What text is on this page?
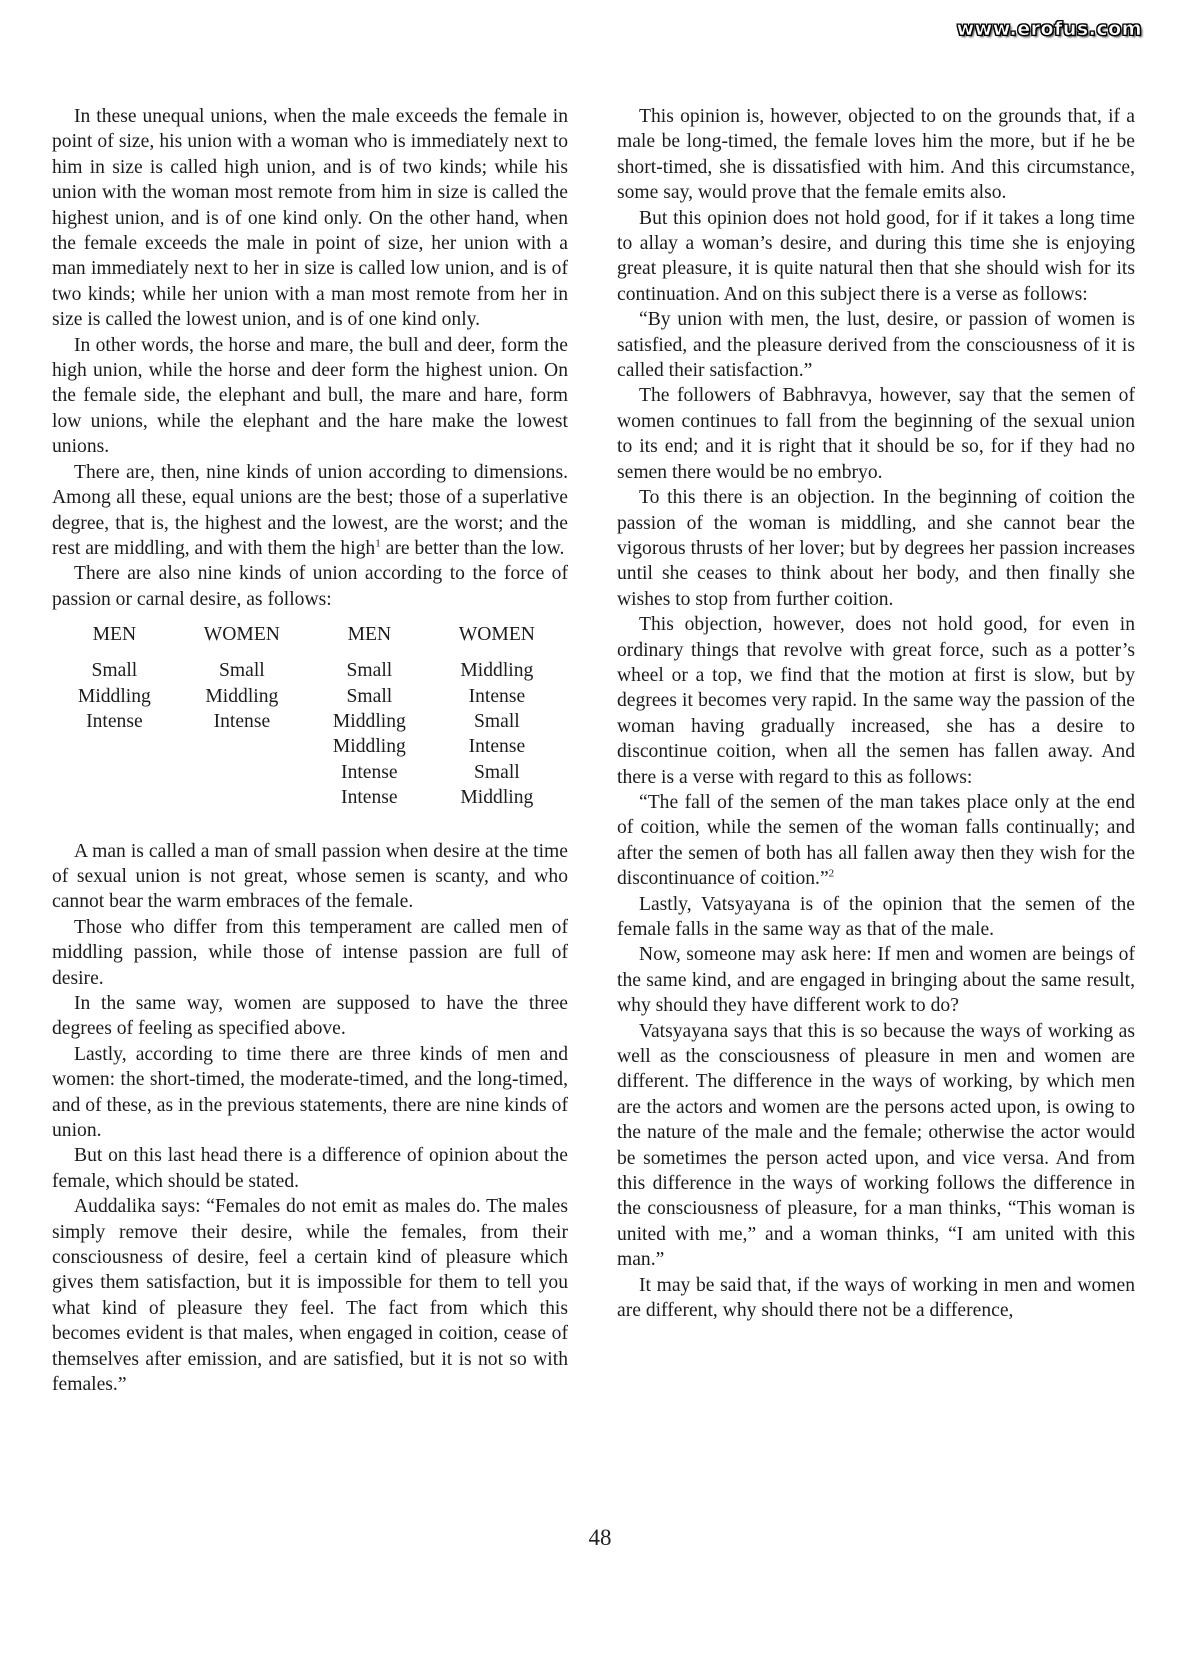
www.erofus.com

In these unequal unions, when the male exceeds the female in point of size, his union with a woman who is immediately next to him in size is called high union, and is of two kinds; while his union with the woman most remote from him in size is called the highest union, and is of one kind only. On the other hand, when the female exceeds the male in point of size, her union with a man immediately next to her in size is called low union, and is of two kinds; while her union with a man most remote from her in size is called the lowest union, and is of one kind only.

In other words, the horse and mare, the bull and deer, form the high union, while the horse and deer form the highest union. On the female side, the elephant and bull, the mare and hare, form low unions, while the elephant and the hare make the lowest unions.

There are, then, nine kinds of union according to dimensions. Among all these, equal unions are the best; those of a superlative degree, that is, the highest and the lowest, are the worst; and the rest are middling, and with them the high$^1$ are better than the low.

There are also nine kinds of union according to the force of passion or carnal desire, as follows:

MEN	WOMEN	MEN	WOMEN
Small	Small	Small	Middling
Middling	Middling	Small	Intense
Intense	Intense	Middling	Small
		Middling	Intense
		Intense	Small
		Intense	Middling

A man is called a man of small passion when desire at the time of sexual union is not great, whose semen is scanty, and who cannot bear the warm embraces of the female.

Those who differ from this temperament are called men of middling passion, while those of intense passion are full of desire.

In the same way, women are supposed to have the three degrees of feeling as specified above.

Lastly, according to time there are three kinds of men and women: the short-timed, the moderate-timed, and the long-timed, and of these, as in the previous statements, there are nine kinds of union.

But on this last head there is a difference of opinion about the female, which should be stated.

Auddalika says: “Females do not emit as males do. The males simply remove their desire, while the females, from their consciousness of desire, feel a certain kind of pleasure which gives them satisfaction, but it is impossible for them to tell you what kind of pleasure they feel. The fact from which this becomes evident is that males, when engaged in coition, cease of themselves after emission, and are satisfied, but it is not so with females.”

This opinion is, however, objected to on the grounds that, if a male be long-timed, the female loves him the more, but if he be short-timed, she is dissatisfied with him. And this circumstance, some say, would prove that the female emits also.

But this opinion does not hold good, for if it takes a long time to allay a woman’s desire, and during this time she is enjoying great pleasure, it is quite natural then that she should wish for its continuation. And on this subject there is a verse as follows:

“By union with men, the lust, desire, or passion of women is satisfied, and the pleasure derived from the consciousness of it is called their satisfaction.”

The followers of Babhravya, however, say that the semen of women continues to fall from the beginning of the sexual union to its end; and it is right that it should be so, for if they had no semen there would be no embryo.

To this there is an objection. In the beginning of coition the passion of the woman is middling, and she cannot bear the vigorous thrusts of her lover; but by degrees her passion increases until she ceases to think about her body, and then finally she wishes to stop from further coition.

This objection, however, does not hold good, for even in ordinary things that revolve with great force, such as a potter’s wheel or a top, we find that the motion at first is slow, but by degrees it becomes very rapid. In the same way the passion of the woman having gradually increased, she has a desire to discontinue coition, when all the semen has fallen away. And there is a verse with regard to this as follows:

“The fall of the semen of the man takes place only at the end of coition, while the semen of the woman falls continually; and after the semen of both has all fallen away then they wish for the discontinuance of coition.”$^2$

Lastly, Vatsyayana is of the opinion that the semen of the female falls in the same way as that of the male.

Now, someone may ask here: If men and women are beings of the same kind, and are engaged in bringing about the same result, why should they have different work to do?

Vatsyayana says that this is so because the ways of working as well as the consciousness of pleasure in men and women are different. The difference in the ways of working, by which men are the actors and women are the persons acted upon, is owing to the nature of the male and the female; otherwise the actor would be sometimes the person acted upon, and vice versa. And from this difference in the ways of working follows the difference in the consciousness of pleasure, for a man thinks, “This woman is united with me,” and a woman thinks, “I am united with this man.”

It may be said that, if the ways of working in men and women are different, why should there not be a difference,

48
